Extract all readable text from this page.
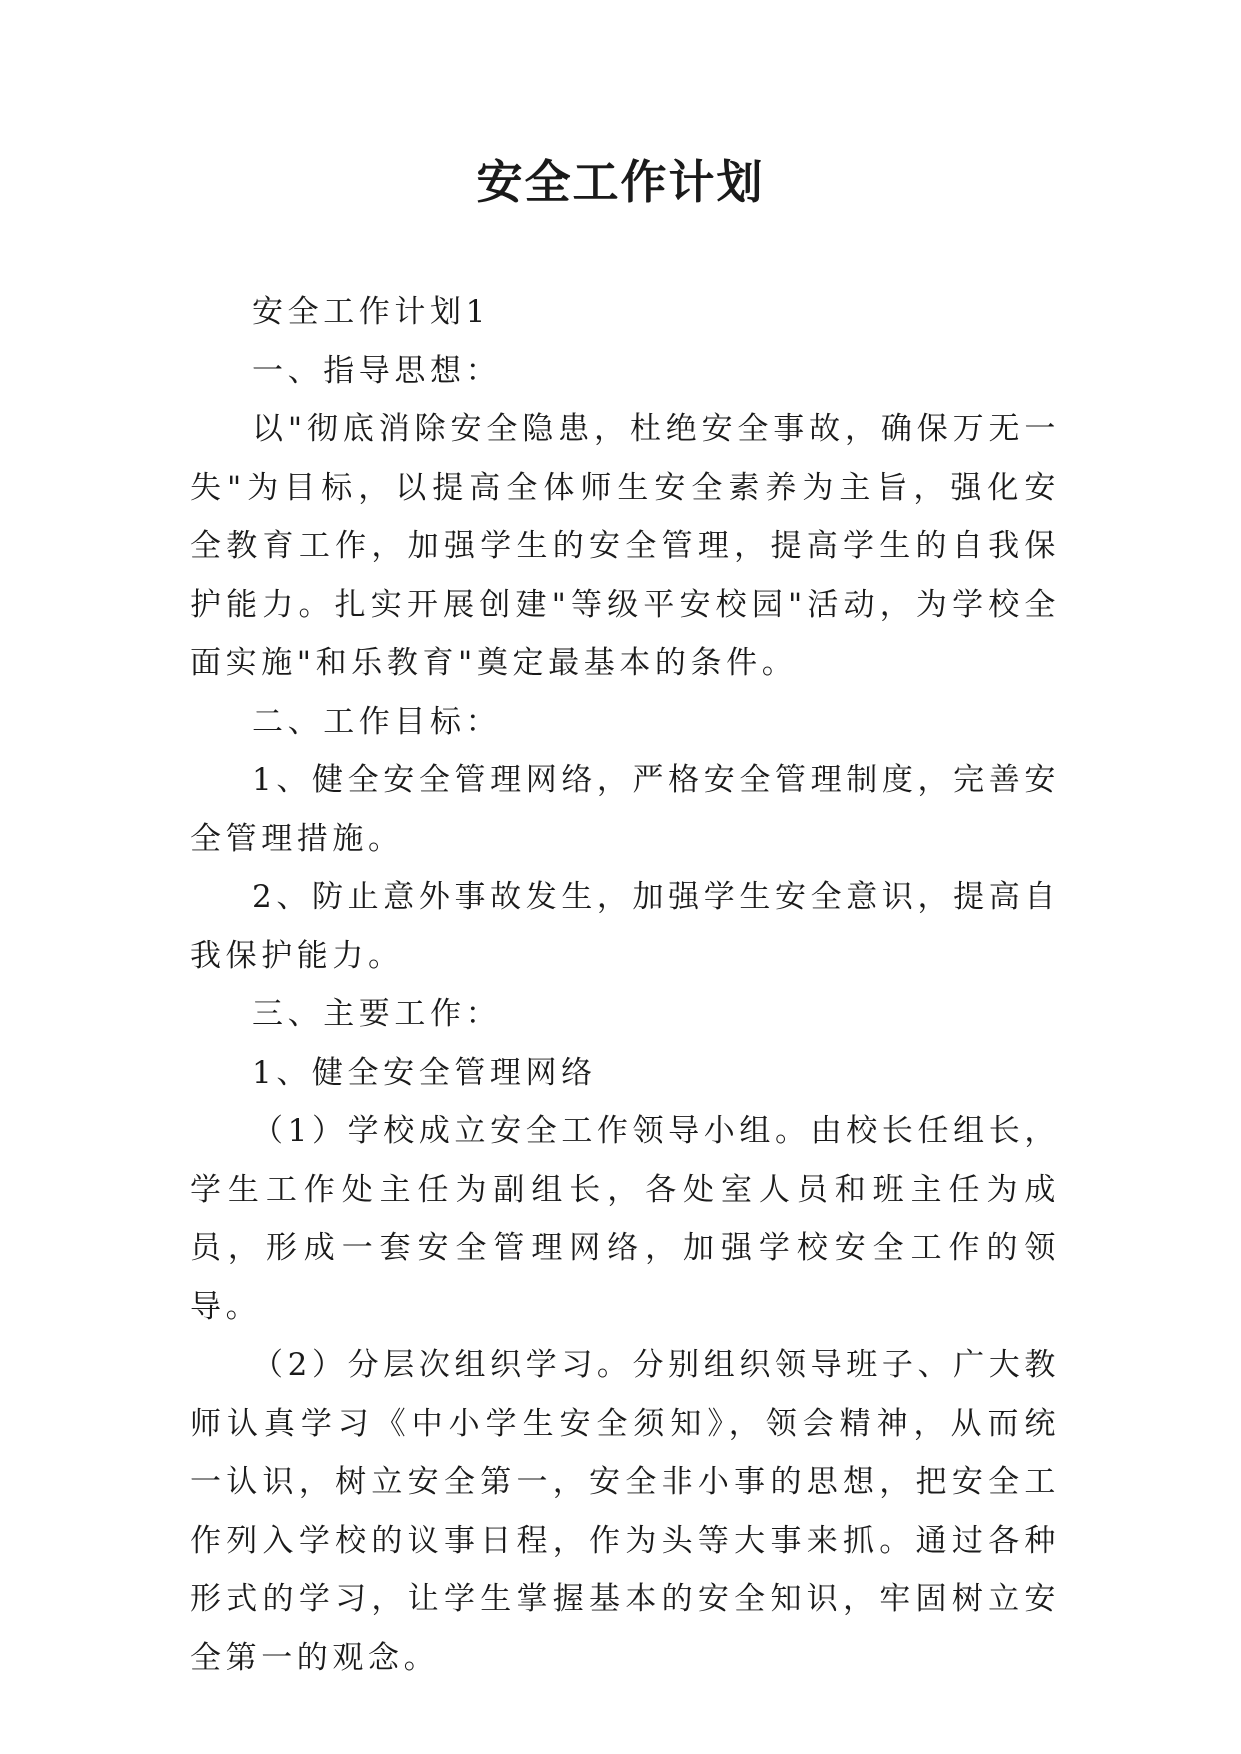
安全工作计划

安全工作计划1

一、指导思想：

以"彻底消除安全隐患，杜绝安全事故，确保万无一失"为目标，以提高全体师生安全素养为主旨，强化安全教育工作，加强学生的安全管理，提高学生的自我保护能力。扎实开展创建"等级平安校园"活动，为学校全面实施"和乐教育"奠定最基本的条件。

二、工作目标：

1、健全安全管理网络，严格安全管理制度，完善安全管理措施。

2、防止意外事故发生，加强学生安全意识，提高自我保护能力。

三、主要工作：

1、健全安全管理网络

（1）学校成立安全工作领导小组。由校长任组长，学生工作处主任为副组长，各处室人员和班主任为成员，形成一套安全管理网络，加强学校安全工作的领导。

（2）分层次组织学习。分别组织领导班子、广大教师认真学习《中小学生安全须知》，领会精神，从而统一认识，树立安全第一，安全非小事的思想，把安全工作列入学校的议事日程，作为头等大事来抓。通过各种形式的学习，让学生掌握基本的安全知识，牢固树立安全第一的观念。
